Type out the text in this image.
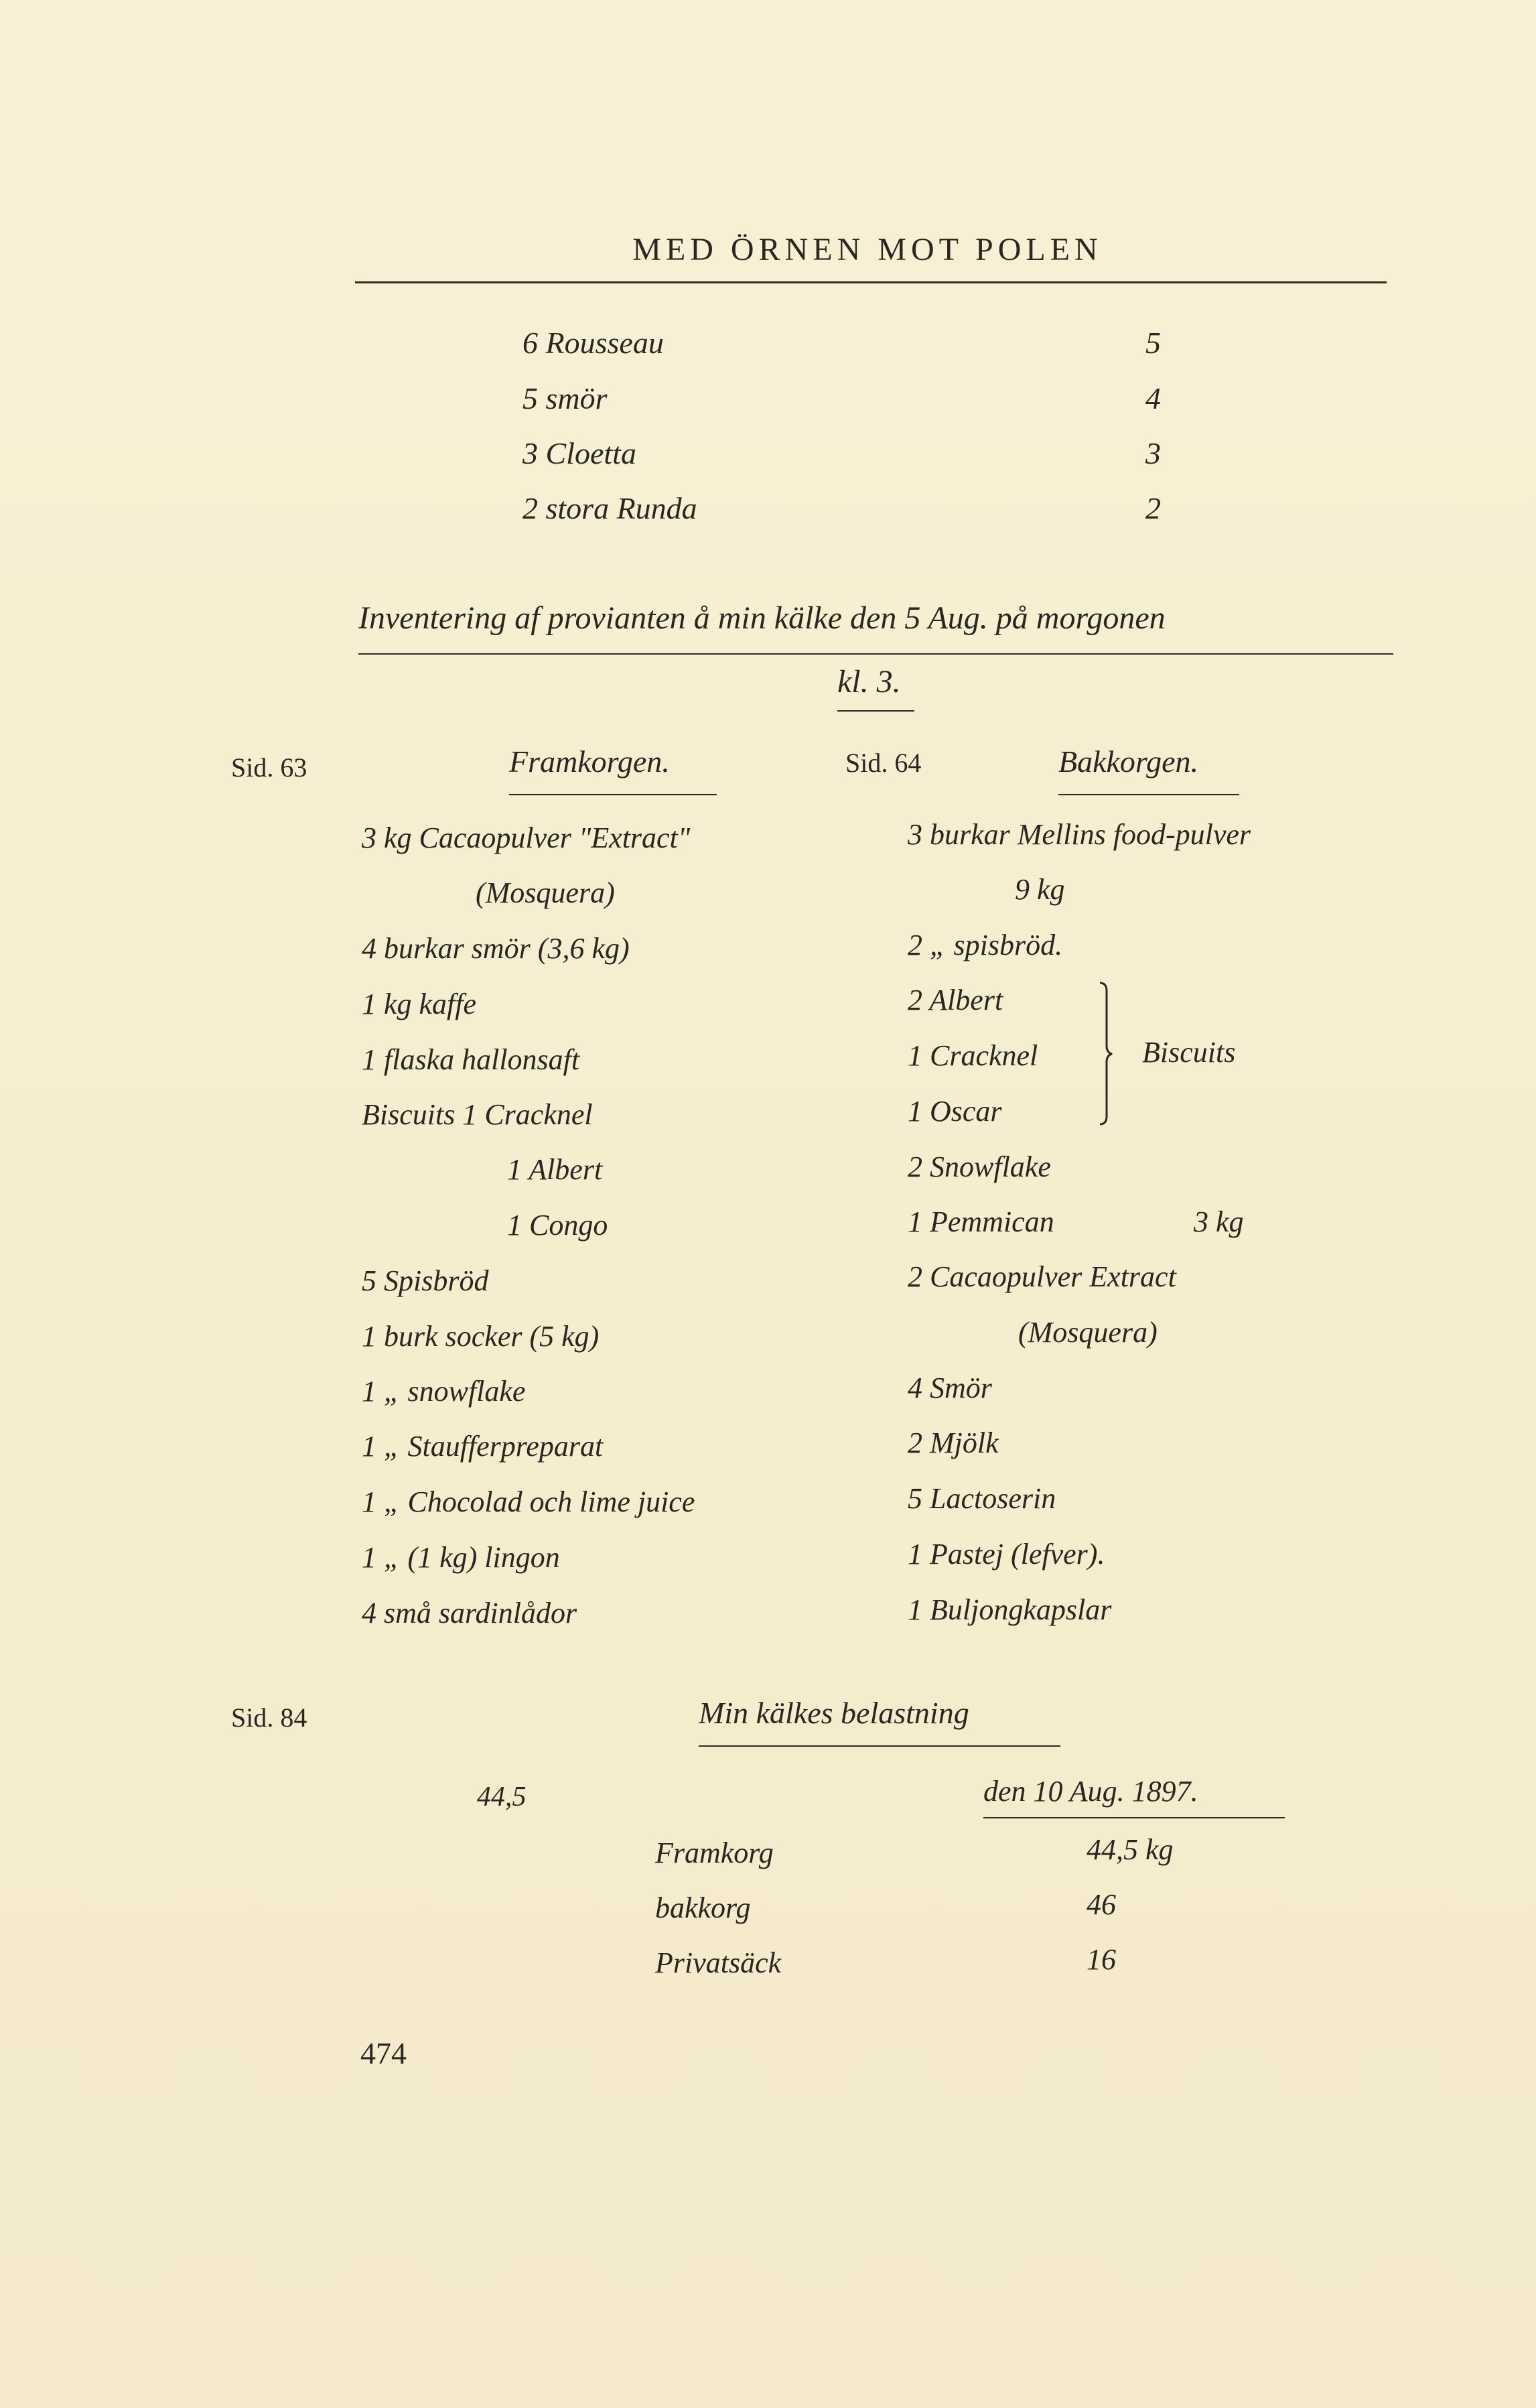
MED ÖRNEN MOT POLEN
6 Rousseau	5
5 smör	4
3 Cloetta	3
2 stora Runda	2
Inventering af provianten å min kälke den 5 Aug. på morgonen
kl. 3.
Sid. 63	Framkorgen.	Sid. 64	Bakkorgen.
3 kg Cacaopulver "Extract"
(Mosquera)
4 burkar smör (3,6 kg)
1 kg kaffe
1 flaska hallonsaft
Biscuits 1 Cracknel
1 Albert
1 Congo
5 Spisbröd
1 burk socker (5 kg)
1 „ snowflake
1 „ Staufferpreparat
1 „ Chocolad och lime juice
1 „ (1 kg) lingon
4 små sardinlådor
3 burkar Mellins food-pulver
9 kg
2 „ spisbröd.
2 Albert
1 Cracknel
1 Oscar
Biscuits
2 Snowflake
1 Pemmican	3 kg
2 Cacaopulver Extract
(Mosquera)
4 Smör
2 Mjölk
5 Lactoserin
1 Pastej (lefver).
1 Buljongkapslar
Sid. 84	Min kälkes belastning
44,5	den 10 Aug. 1897.
Framkorg	44,5 kg
bakkorg	46
Privatsäck	16
474
